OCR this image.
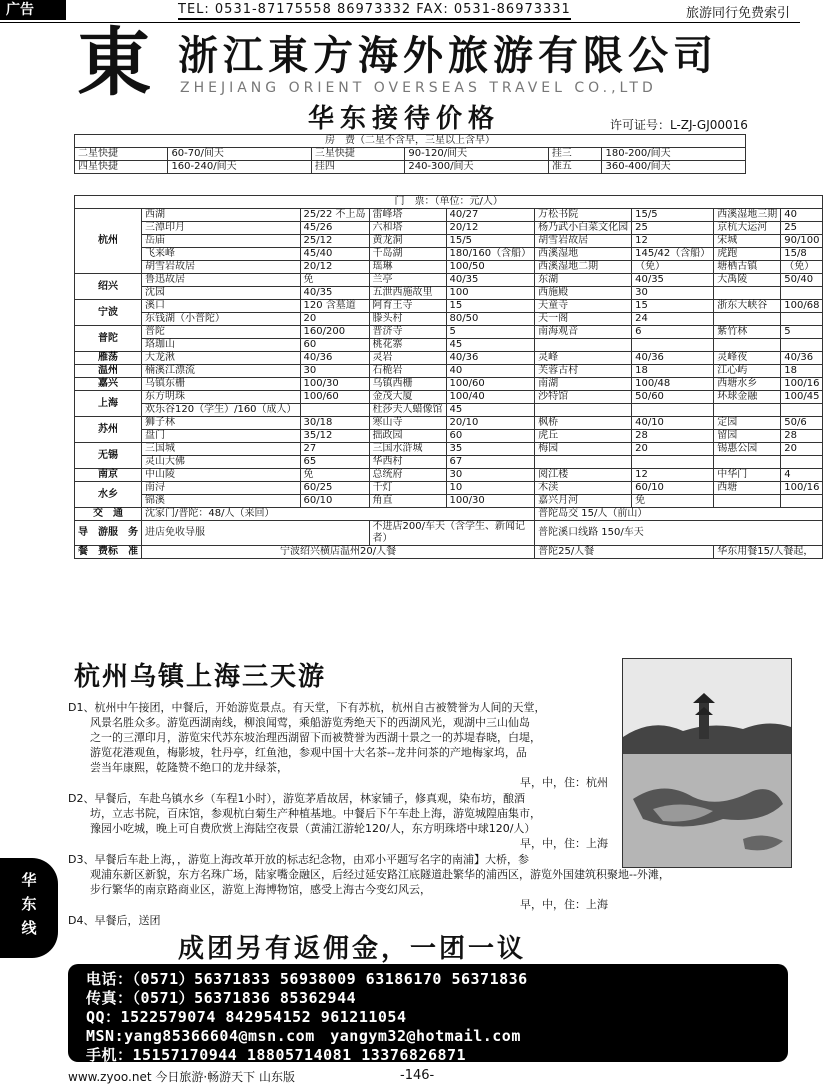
广告	TEL: 0531-87175558 86973332 FAX: 0531-86973331	旅游同行免费索引
東 浙江東方海外旅游有限公司
ZHEJIANG ORIENT OVERSEAS TRAVEL CO.,LTD
华东接待价格	许可证号：L-ZJ-GJ00016
房　费（二星不含早，三星以上含早）					
二星快捷	60-70/间天	三星快捷	90-120/间天	挂三	180-200/间天
四星快捷	160-240/间天	挂四	240-300/间天	准五	360-400/间天
门　票：（单位：元/人）								
杭州	西湖	25/22 不上岛	雷峰塔	40/27	万松书院	15/5	西溪湿地三期	40
	三潭印月	45/26	六和塔	20/12	杨乃武小白菜文化园	25	京杭大运河	25
	岳庙	25/12	黄龙洞	15/5	胡雪岩故居	12	宋城	90/100
	飞来峰	45/40	千岛湖	180/160（含船）	西溪湿地	145/42（含船）	虎跑	15/8
	胡雪岩故居	20/12	瑶琳	100/50	西溪湿地二期	（免）	塘栖古镇	（免）
绍兴	鲁迅故居	免	兰亭	40/35	东湖	40/35	大禹陵	50/40
	沈园	40/35	五泄西施故里	100	西施殿	30		
宁波	溪口	120 含墓道	阿育王寺	15	天童寺	15	浙东大峡谷	100/68
	东钱湖（小普陀）	20	滕头村	80/50	天一阁	24		
普陀	普陀	160/200	普济寺	5	南海观音	6	紫竹林	5
	珞珈山	60	桃花寨	45				
雁荡	大龙湫	40/36	灵岩	40/36	灵峰	40/36	灵峰夜	40/36
温州	楠溪江漂流	30	石桅岩	40	芙蓉古村	18	江心屿	18
嘉兴	乌镇东栅	100/30	乌镇西栅	100/60	南湖	100/48	西塘水乡	100/16
上海	东方明珠	100/60	金茂大厦	100/40	沙特馆	50/60	环球金融	100/45
	欢乐谷120（学生）/160（成人）		杜莎夫人蜡像馆	45				
苏州	狮子林	30/18	寒山寺	20/10	枫桥	40/10	定园	50/6
	盘门	35/12	拙政园	60	虎丘	28	留园	28
无锡	三国城	27	三国水浒城	35	梅园	20	锡惠公园	20
	灵山大佛	65	华西村	67				
南京	中山陵	免	总统府	30	阅江楼	12	中华门	4
水乡	南浔	60/25	千灯	10	木渎	60/10	西塘	100/16
	锦溪	60/10	角直	100/30	嘉兴月河	免		
交　通	沈家门/普陀：48/人（来回）				普陀岛交 15/人（前山）			
导　游服　务	进店免收导服		不进店200/车天（含学生、新闻记者）		普陀溪口线路 150/车天			
餐　费标　准	宁波绍兴横店温州20/人餐				普陀25/人餐		华东用餐15/人餐起，	
杭州乌镇上海三天游
D1、杭州中午接团，中餐后，开始游览景点。有天堂，下有苏杭，杭州自古被赞誉为人间的天堂，
风景名胜众多。游览西湖南线，柳浪闻莺，乘船游览秀绝天下的西湖风光，观湖中三山仙岛
之一的三潭印月，游览宋代苏东坡治理西湖留下而被赞誉为西湖十景之一的苏堤春晓，白堤，
游览花港观鱼，梅影坡，牡丹亭，红鱼池，参观中国十大名茶--龙井问茶的产地梅家坞，品
尝当年康熙，乾隆赞不绝口的龙井绿茶，
早，中，住：杭州
D2、早餐后，车赴乌镇水乡（车程1小时），游览茅盾故居，林家铺子，修真观，染布坊，酿酒
坊，立志书院，百床馆，参观杭白菊生产种植基地。中餐后下午车赴上海，游览城隍庙集市，
豫园小吃城，晚上可自费欣赏上海陆空夜景（黄浦江游轮120/人，东方明珠塔中球120/人）
早，中，住：上海
D3、早餐后车赴上海，，游览上海改革开放的标志纪念物，由邓小平题写名字的南浦】大桥，参
观浦东新区新貌，东方名珠广场，陆家嘴金融区，后经过延安路江底隧道赴繁华的浦西区，游览外国建筑积聚地--外滩，
步行繁华的南京路商业区，游览上海博物馆，感受上海古今变幻风云，
早，中，住：上海
D4、早餐后，送团
华
东
线
成团另有返佣金，一团一议
电话：（0571）56371833 56938009 63186170 56371836
传真：（0571）56371836 85362944
QQ：1522579074 842954152 961211054
MSN:yang85366604@msn.com　yangym32@hotmail.com
手机：15157170944 18805714081 13376826871
www.zyoo.net 今日旅游·畅游天下 山东版	-146-
